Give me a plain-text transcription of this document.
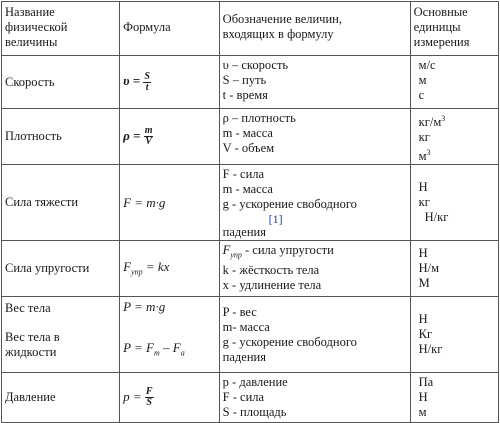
Название
физической
величины	Формула	Обозначение величин,
входящих в формулу	Основные
единицы
измерения

Скорость	$\upsilon = \frac{S}{t}$	υ – скорость
S – путь
t - время	м/с
м
с

Плотность	$\rho = \frac{m}{V}$	ρ – плотность
m - масса
V - объем	$кг/м^3$
кг
$м^3$

Сила тяжести	F = m·g	F - сила
m - масса
g - ускорение свободного
[1]
падения	Н
кг
Н/кг

Сила упругости	$F_{упр}$ = kx	$F_{упр}$ - сила упругости
k - жёсткость тела
x - удлинение тела	Н
Н/м
М

Вес тела
Вес тела в
жидкости	P = m·g
$P = F_m - F_a$	P - вес
m- масса
g - ускорение свободного
падения	Н
Кг
Н/кг

Давление	$p = \frac{F}{S}$	p - давление
F - сила
S - площадь	Па
Н
м
